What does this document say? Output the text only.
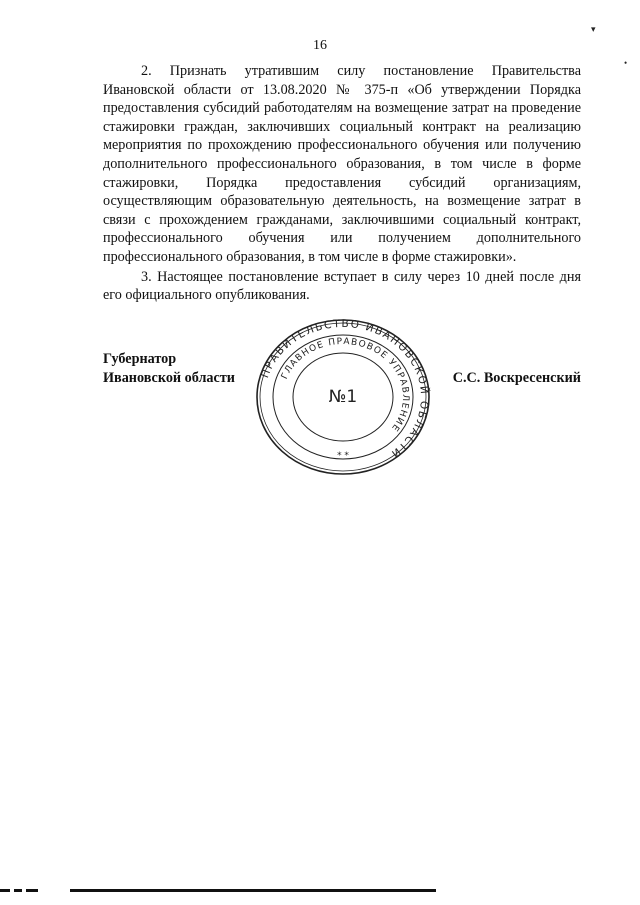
▾
•
16

2. Признать утратившим силу постановление Правительства Ивановской области от 13.08.2020 № 375-п «Об утверждении Порядка предоставления субсидий работодателям на возмещение затрат на проведение стажировки граждан, заключивших социальный контракт на реализацию мероприятия по прохождению профессионального обучения или получению дополнительного профессионального образования, в том числе в форме стажировки, Порядка предоставления субсидий организациям, осуществляющим образовательную деятельность, на возмещение затрат в связи с прохождением гражданами, заключившими социальный контракт, профессионального обучения или получением дополнительного профессионального образования, в том числе в форме стажировки».

3. Настоящее постановление вступает в силу через 10 дней после дня его официального опубликования.

Губернатор
Ивановской области ПРАВИТЕЛЬСТВО ИВАНОВСКОЙ ОБЛАСТИ
ГЛАВНОЕ ПРАВОВОЕ УПРАВЛЕНИЕ
№1
* *
С.С. Воскресенский
